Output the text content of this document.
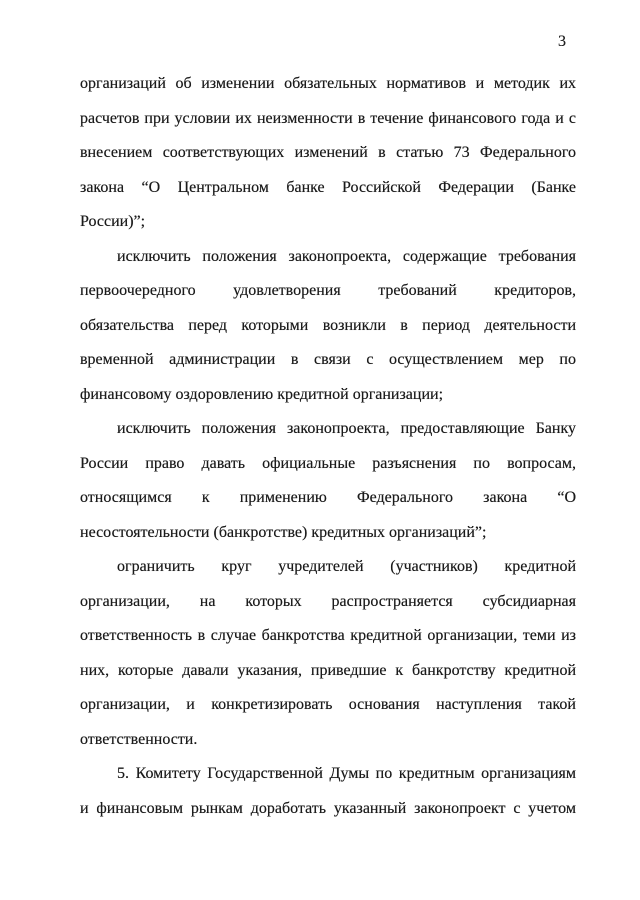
3
организаций об изменении обязательных нормативов и методик их
расчетов при условии их неизменности в течение финансового года и с
внесением соответствующих изменений в статью 73 Федерального
закона “О Центральном банке Российской Федерации (Банке
России)”;
исключить положения законопроекта, содержащие требования
первоочередного удовлетворения требований кредиторов,
обязательства перед которыми возникли в период деятельности
временной администрации в связи с осуществлением мер по
финансовому оздоровлению кредитной организации;
исключить положения законопроекта, предоставляющие Банку
России право давать официальные разъяснения по вопросам,
относящимся к применению Федерального закона “О
несостоятельности (банкротстве) кредитных организаций”;
ограничить круг учредителей (участников) кредитной
организации, на которых распространяется субсидиарная
ответственность в случае банкротства кредитной организации, теми из
них, которые давали указания, приведшие к банкротству кредитной
организации, и конкретизировать основания наступления такой
ответственности.
5. Комитету Государственной Думы по кредитным организациям
и финансовым рынкам доработать указанный законопроект с учетом
